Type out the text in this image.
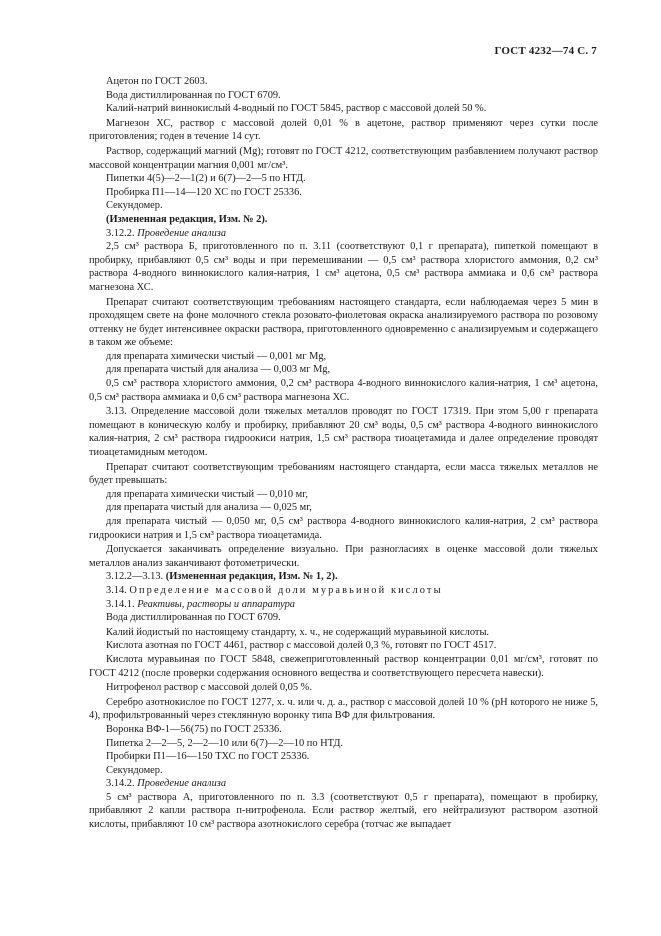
ГОСТ 4232—74 С. 7

Ацетон по ГОСТ 2603.

Вода дистиллированная по ГОСТ 6709.

Калий-натрий виннокислый 4-водный по ГОСТ 5845, раствор с массовой долей 50 %.

Магнезон ХС, раствор с массовой долей 0,01 % в ацетоне, раствор применяют через сутки после приготовления; годен в течение 14 сут.

Раствор, содержащий магний (Mg); готовят по ГОСТ 4212, соответствующим разбавлением получают раствор массовой концентрации магния 0,001 мг/см³.

Пипетки 4(5)—2—1(2) и 6(7)—2—5 по НТД.

Пробирка П1—14—120 ХС по ГОСТ 25336.

Секундомер.

(Измененная редакция, Изм. № 2).

3.12.2. Проведение анализа

2,5 см³ раствора Б, приготовленного по п. 3.11 (соответствуют 0,1 г препарата), пипеткой помещают в пробирку, прибавляют 0,5 см³ воды и при перемешивании — 0,5 см³ раствора хлористого аммония, 0,2 см³ раствора 4-водного виннокислого калия-натрия, 1 см³ ацетона, 0,5 см³ раствора аммиака и 0,6 см³ раствора магнезона ХС.

Препарат считают соответствующим требованиям настоящего стандарта, если наблюдаемая через 5 мин в проходящем свете на фоне молочного стекла розовато-фиолетовая окраска анализируемого раствора по розовому оттенку не будет интенсивнее окраски раствора, приготовленного одновременно с анализируемым и содержащего в таком же объеме:

для препарата химически чистый — 0,001 мг Mg,

для препарата чистый для анализа — 0,003 мг Mg,

0,5 см³ раствора хлористого аммония, 0,2 см³ раствора 4-водного виннокислого калия-натрия, 1 см³ ацетона, 0,5 см³ раствора аммиака и 0,6 см³ раствора магнезона ХС.

3.13. Определение массовой доли тяжелых металлов проводят по ГОСТ 17319. При этом 5,00 г препарата помещают в коническую колбу и пробирку, прибавляют 20 см³ воды, 0,5 см³ раствора 4-водного виннокислого калия-натрия, 2 см³ раствора гидроокиси натрия, 1,5 см³ раствора тиоацетамида и далее определение проводят тиоацетамидным методом.

Препарат считают соответствующим требованиям настоящего стандарта, если масса тяжелых металлов не будет превышать:

для препарата химически чистый — 0,010 мг,

для препарата чистый для анализа — 0,025 мг,

для препарата чистый — 0,050 мг, 0,5 см³ раствора 4-водного виннокислого калия-натрия, 2 см³ раствора гидроокиси натрия и 1,5 см³ раствора тиоацетамида.

Допускается заканчивать определение визуально. При разногласиях в оценке массовой доли тяжелых металлов анализ заканчивают фотометрически.

3.12.2—3.13. (Измененная редакция, Изм. № 1, 2).

3.14. Определение массовой доли муравьиной кислоты

3.14.1. Реактивы, растворы и аппаратура

Вода дистиллированная по ГОСТ 6709.

Калий йодистый по настоящему стандарту, х. ч., не содержащий муравьиной кислоты.

Кислота азотная по ГОСТ 4461, раствор с массовой долей 0,3 %, готовят по ГОСТ 4517.

Кислота муравьиная по ГОСТ 5848, свежеприготовленный раствор концентрации 0,01 мг/см³, готовят по ГОСТ 4212 (после проверки содержания основного вещества и соответствующего пересчета навески).

Нитрофенол раствор с массовой долей 0,05 %.

Серебро азотнокислое по ГОСТ 1277, х. ч. или ч. д. а., раствор с массовой долей 10 % (pH которого не ниже 5, 4), профильтрованный через стеклянную воронку типа ВФ для фильтрования.

Воронка ВФ-1—56(75) по ГОСТ 25336.

Пипетка 2—2—5, 2—2—10 или 6(7)—2—10 по НТД.

Пробирки П1—16—150 ТХС по ГОСТ 25336.

Секундомер.

3.14.2. Проведение анализа

5 см³ раствора А, приготовленного по п. 3.3 (соответствуют 0,5 г препарата), помещают в пробирку, прибавляют 2 капли раствора п-нитрофенола. Если раствор желтый, его нейтрализуют раствором азотной кислоты, прибавляют 10 см³ раствора азотнокислого серебра (тотчас же выпадает
